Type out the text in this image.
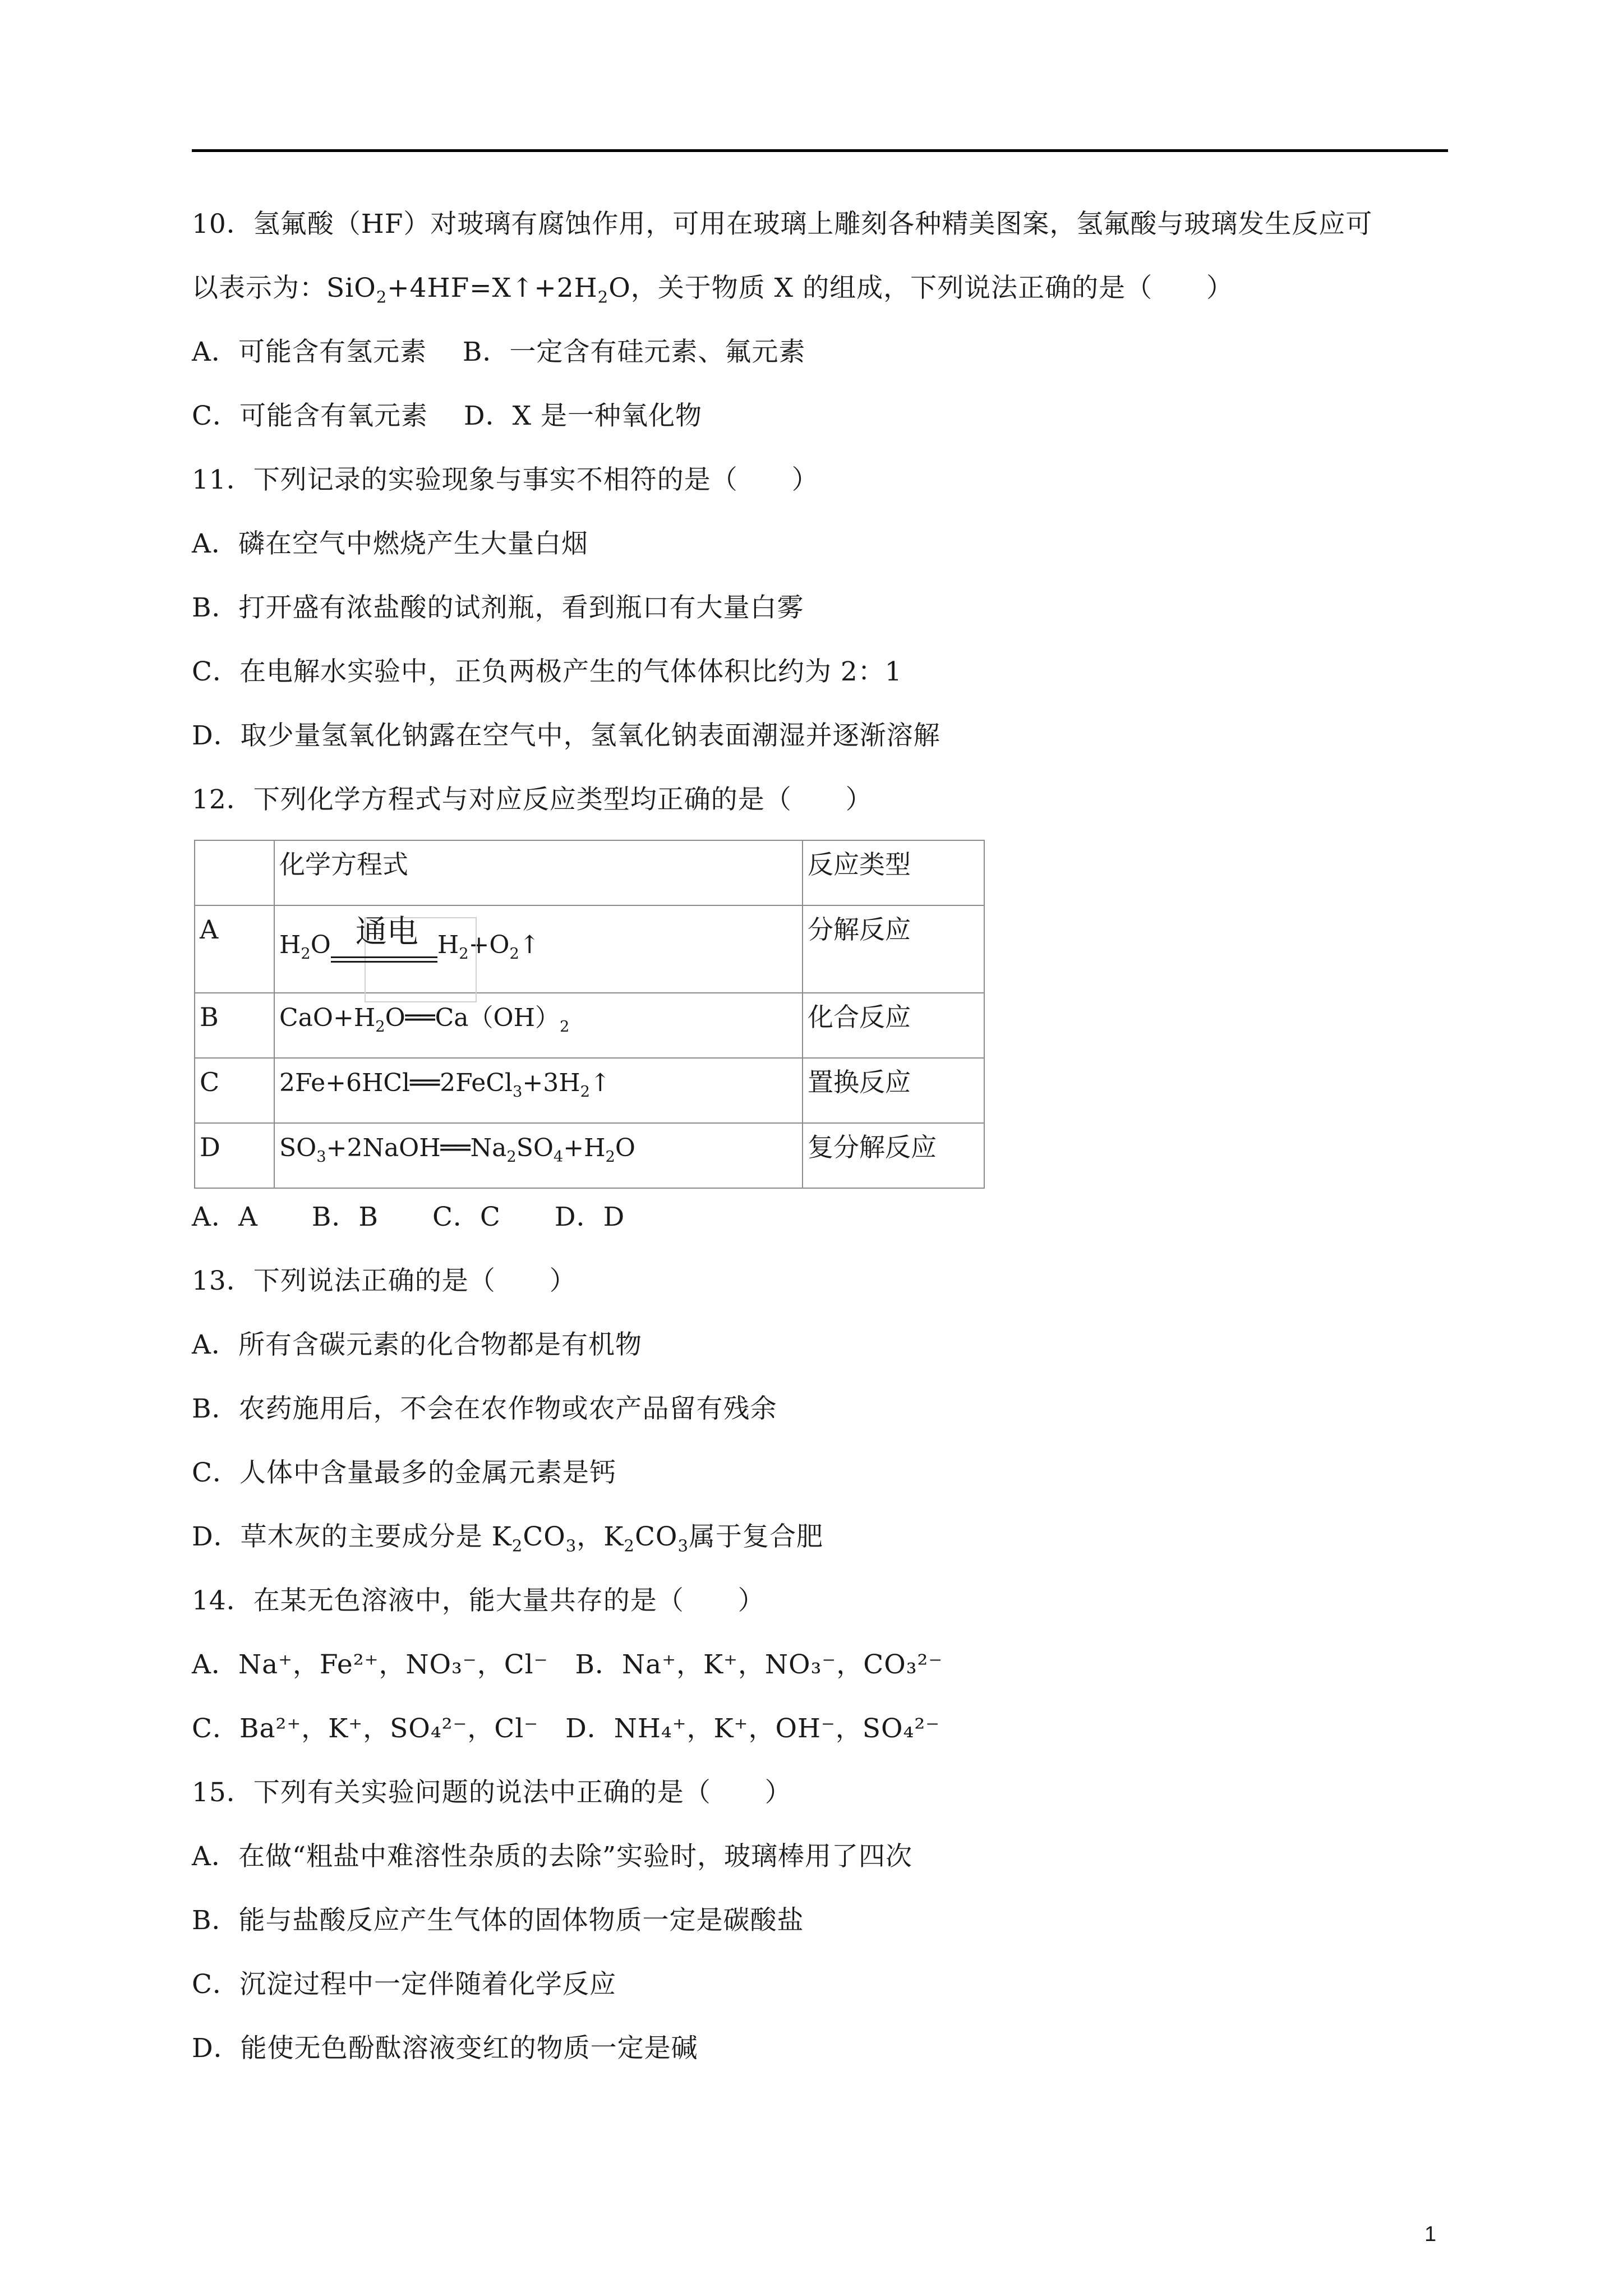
10．氢氟酸（HF）对玻璃有腐蚀作用，可用在玻璃上雕刻各种精美图案，氢氟酸与玻璃发生反应可
以表示为：$SiO_2+4HF=X↑+2H_2O$，关于物质 X 的组成，下列说法正确的是（　　）
A．可能含有氢元素　 B．一定含有硅元素、氟元素
C．可能含有氧元素　 D．X 是一种氧化物
11．下列记录的实验现象与事实不相符的是（　　）
A．磷在空气中燃烧产生大量白烟
B．打开盛有浓盐酸的试剂瓶，看到瓶口有大量白雾
C．在电解水实验中，正负两极产生的气体体积比约为 2：1
D．取少量氢氧化钠露在空气中，氢氧化钠表面潮湿并逐渐溶解
12．下列化学方程式与对应反应类型均正确的是（　　）
	化学方程式	反应类型
A	$H_2O$ 通电 $H_2+O_2↑$	分解反应
B	$CaO+H_2O══Ca(OH)_2$	化合反应
C	$2Fe+6HCl══2FeCl_3+3H_2↑$	置换反应
D	$SO_3+2NaOH══Na_2SO_4+H_2O$	复分解反应
A．A　　B．B　　C．C　　D．D
13．下列说法正确的是（　　）
A．所有含碳元素的化合物都是有机物
B．农药施用后，不会在农作物或农产品留有残余
C．人体中含量最多的金属元素是钙
D．草木灰的主要成分是 $K_2CO_3$，$K_2CO_3$属于复合肥
14．在某无色溶液中，能大量共存的是（　　）
A．Na⁺，Fe²⁺，NO₃⁻，Cl⁻　B．Na⁺，K⁺，NO₃⁻，CO₃²⁻
C．Ba²⁺，K⁺，SO₄²⁻，Cl⁻　D．NH₄⁺，K⁺，OH⁻，SO₄²⁻
15．下列有关实验问题的说法中正确的是（　　）
A．在做“粗盐中难溶性杂质的去除”实验时，玻璃棒用了四次
B．能与盐酸反应产生气体的固体物质一定是碳酸盐
C．沉淀过程中一定伴随着化学反应
D．能使无色酚酞溶液变红的物质一定是碱
1
